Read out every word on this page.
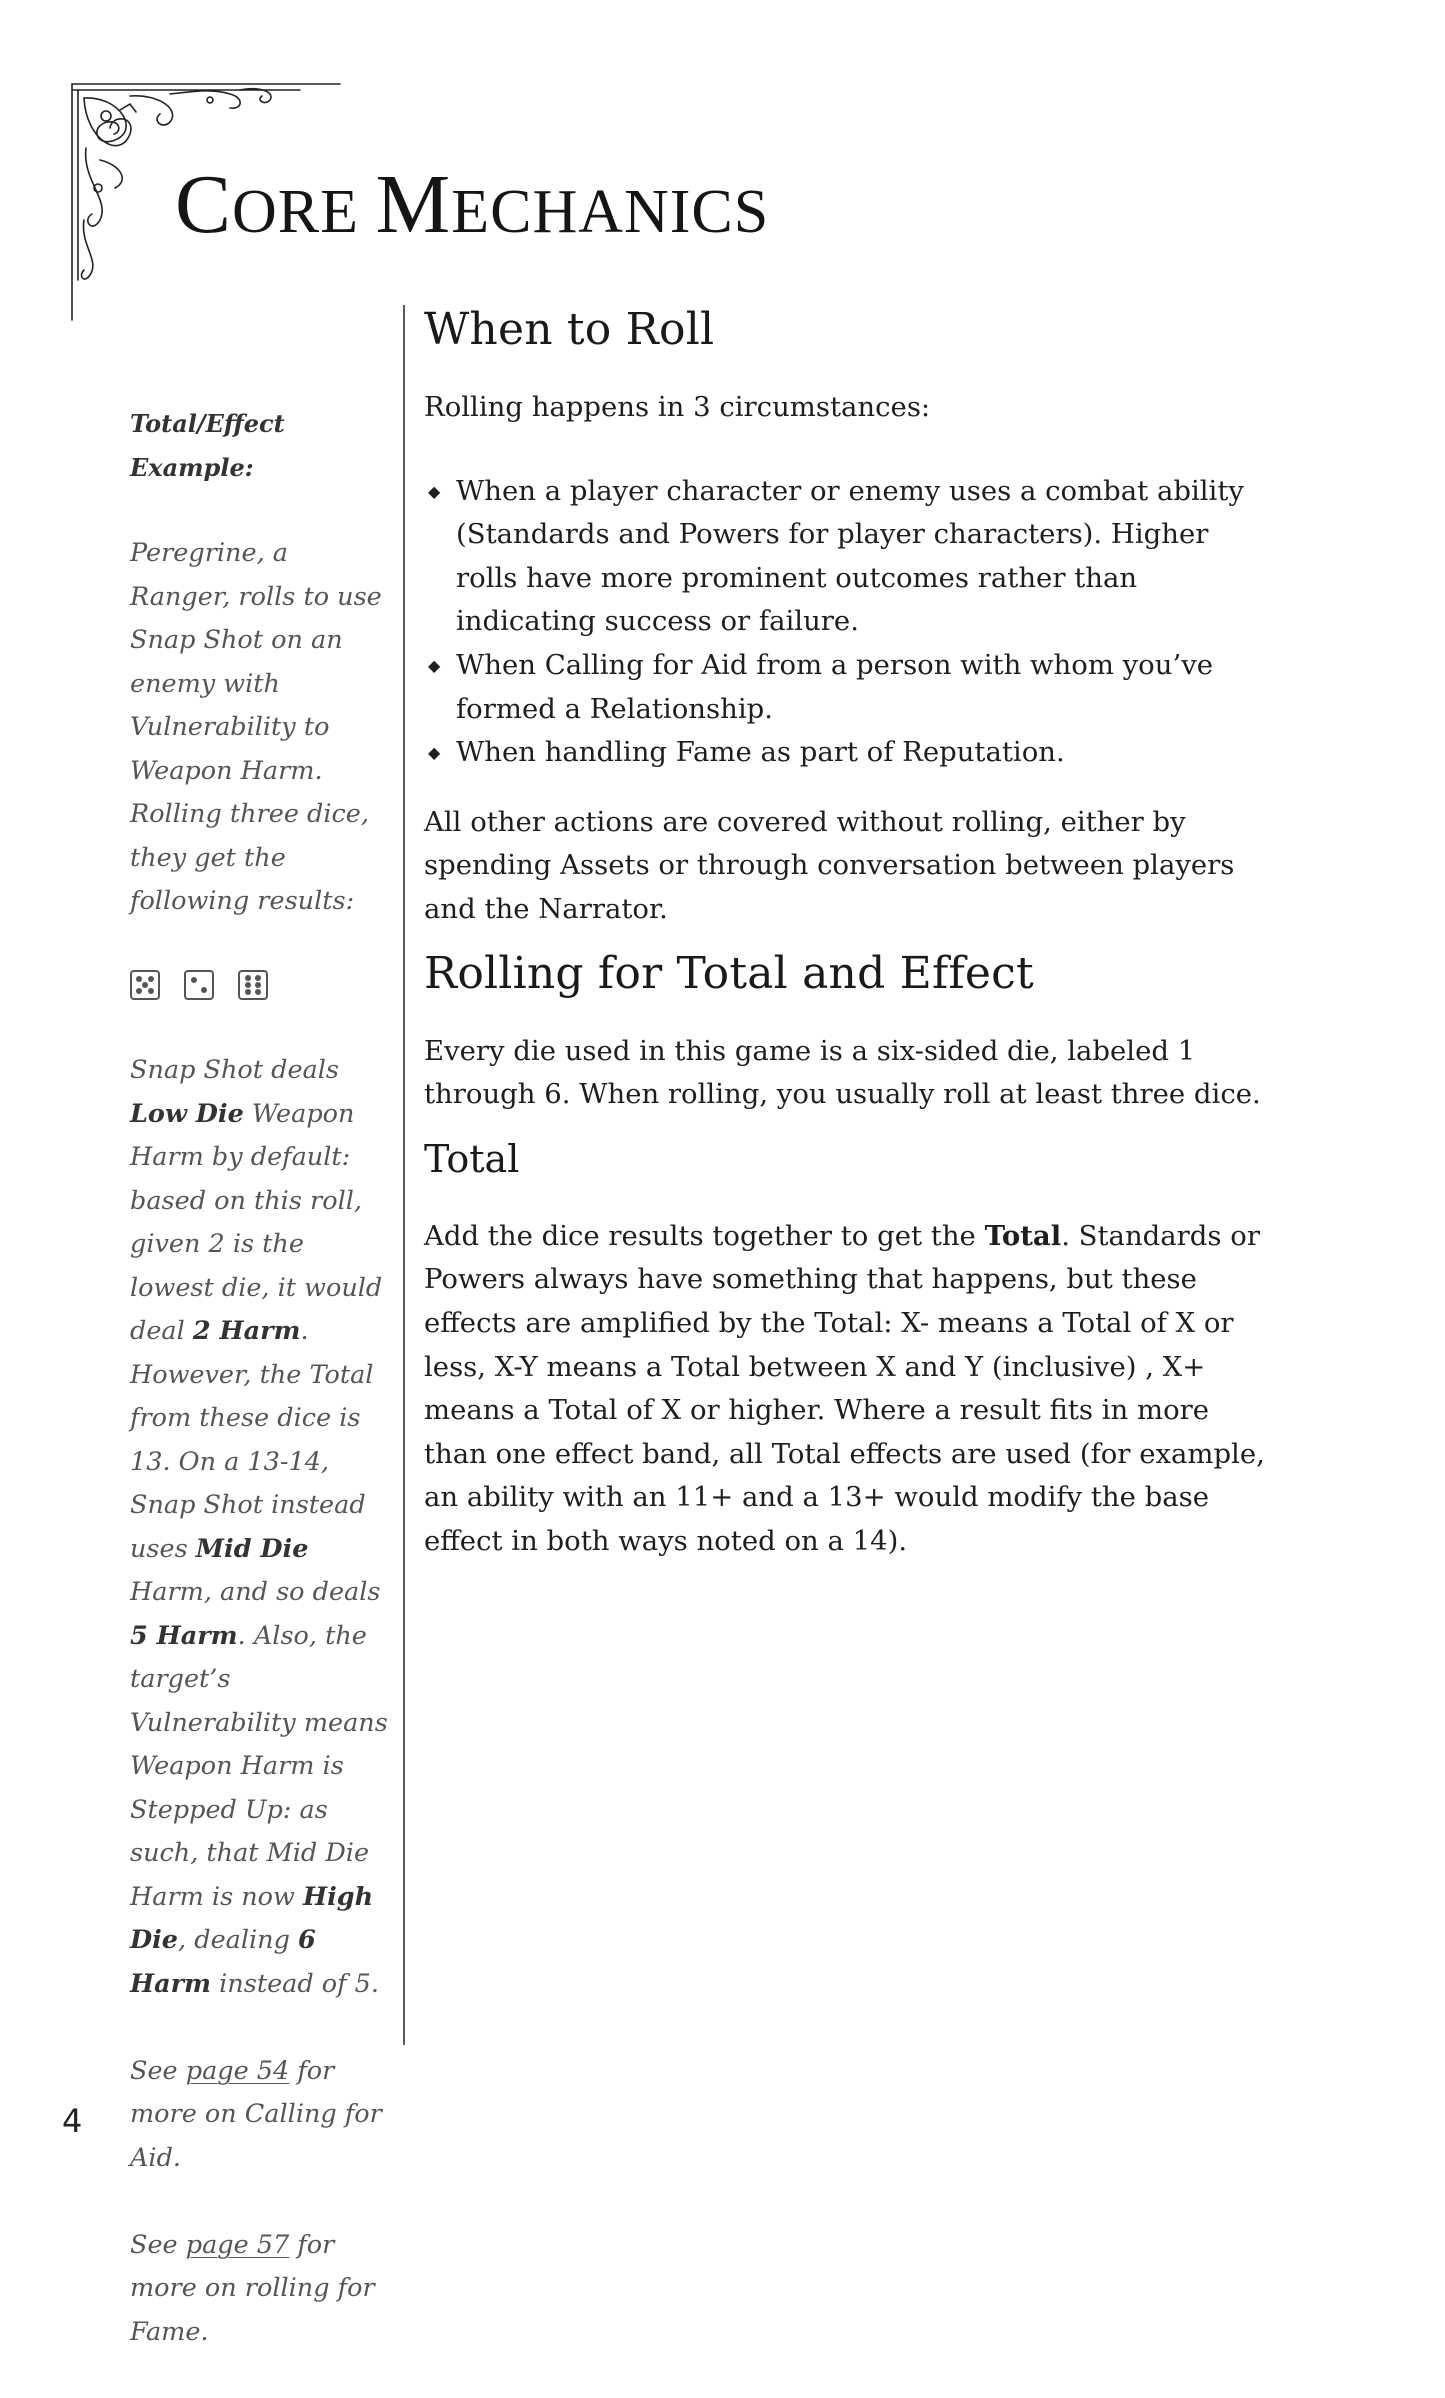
CORE MECHANICS

Total/Effect Example:

Peregrine, a Ranger, rolls to use Snap Shot on an enemy with Vulnerability to Weapon Harm. Rolling three dice, they get the following results:

Snap Shot deals Low Die Weapon Harm by default: based on this roll, given 2 is the lowest die, it would deal 2 Harm. However, the Total from these dice is 13. On a 13-14, Snap Shot instead uses Mid Die Harm, and so deals 5 Harm. Also, the target’s Vulnerability means Weapon Harm is Stepped Up: as such, that Mid Die Harm is now High Die, dealing 6 Harm instead of 5.

See page 54 for more on Calling for Aid.

See page 57 for more on rolling for Fame.

When to Roll

Rolling happens in 3 circumstances:

◆ When a player character or enemy uses a combat ability (Standards and Powers for player characters). Higher rolls have more prominent outcomes rather than indicating success or failure.
◆ When Calling for Aid from a person with whom you’ve formed a Relationship.
◆ When handling Fame as part of Reputation.

All other actions are covered without rolling, either by spending Assets or through conversation between players and the Narrator.

Rolling for Total and Effect

Every die used in this game is a six-sided die, labeled 1 through 6. When rolling, you usually roll at least three dice.

Total

Add the dice results together to get the Total. Standards or Powers always have something that happens, but these effects are amplified by the Total: X- means a Total of X or less, X-Y means a Total between X and Y (inclusive) , X+ means a Total of X or higher. Where a result fits in more than one effect band, all Total effects are used (for example, an ability with an 11+ and a 13+ would modify the base effect in both ways noted on a 14).

4
